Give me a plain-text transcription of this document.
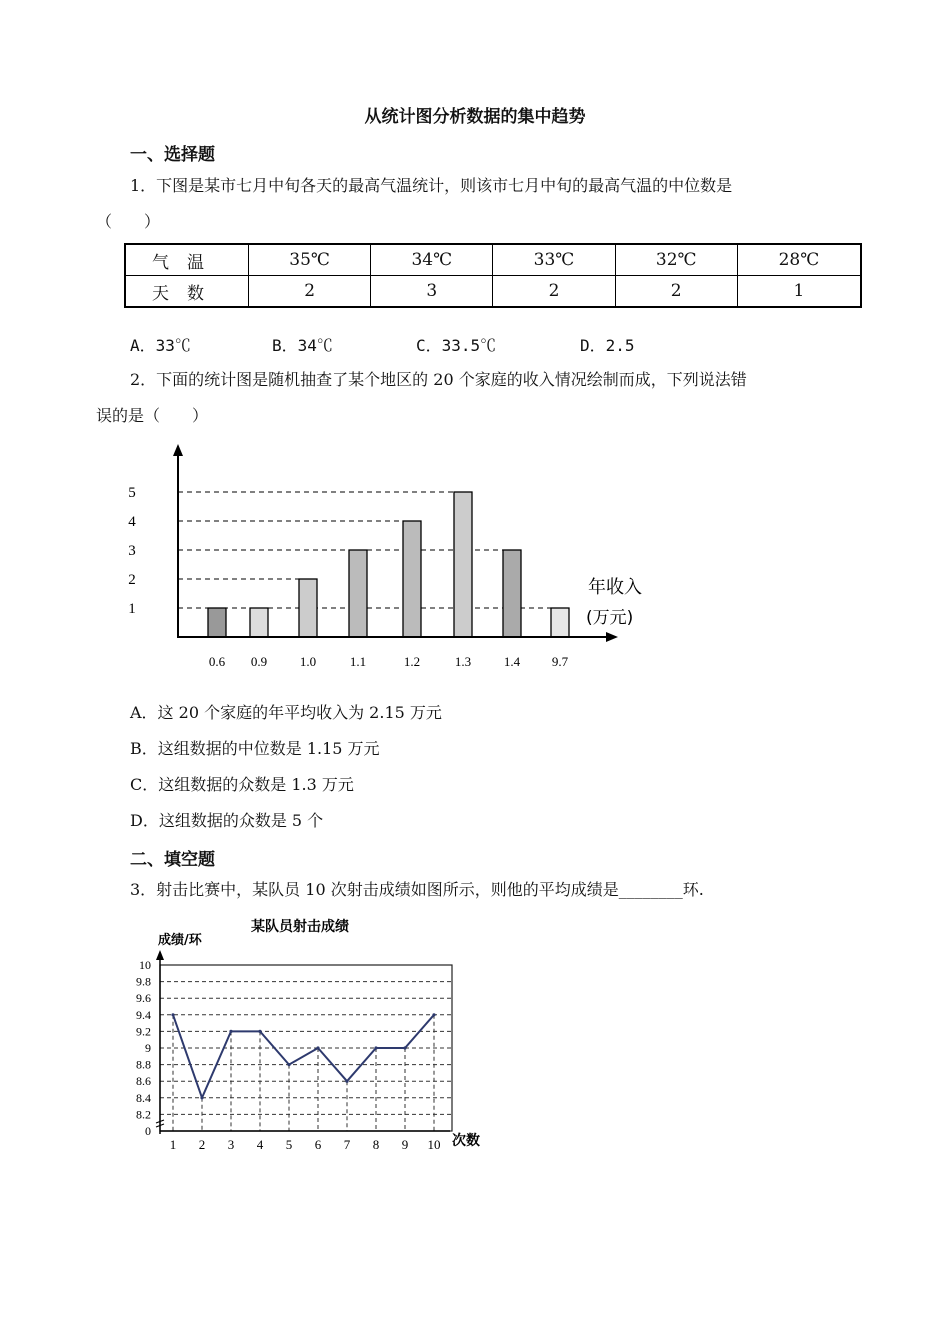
从统计图分析数据的集中趋势
一、选择题
1．下图是某市七月中旬各天的最高气温统计，则该市七月中旬的最高气温的中位数是
（　　）
气温	35℃	34℃	33℃	32℃	28℃
天数	2	3	2	2	1
A．33℃	B．34℃	C．33.5℃	D．2.5
2．下面的统计图是随机抽查了某个地区的 20 个家庭的收入情况绘制而成，下列说法错
误的是（　　）
1
2
3
4
5
0.6 0.9	1.0	1.1	1.2	1.3	1.4 9.7
年收入
(万元)
A．这 20 个家庭的年平均收入为 2.15 万元
B．这组数据的中位数是 1.15 万元
C．这组数据的众数是 1.3 万元
D．这组数据的众数是 5 个
二、填空题
3．射击比赛中，某队员 10 次射击成绩如图所示，则他的平均成绩是________环.
某队员射击成绩
成绩/环
0
8.2
8.4
8.6
8.8
9
9.2
9.4
9.6
9.8
10
1 2 3 4 5 6 7 8 9 10 次数
